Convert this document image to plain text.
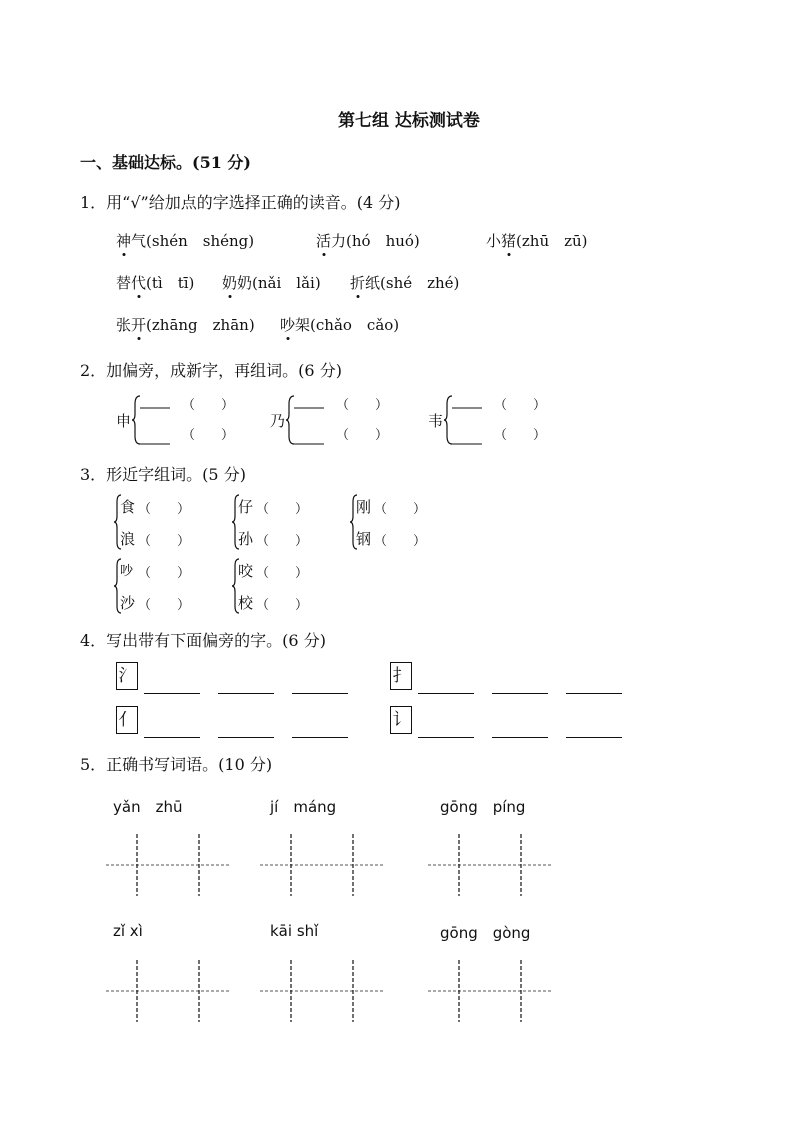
第七组 达标测试卷
一、基础达标。(51 分)
1．用“√”给加点的字选择正确的读音。(4 分)
神气(shén　shéng)	活力(hó　huó)	小猪(zhū　zū)
替代(tì　tī) 奶奶(nǎi　lǎi) 折纸(shé　zhé)
张开(zhāng　zhān) 吵架(chǎo　cǎo)
2．加偏旁，成新字，再组词。(6 分)
申
（　　）
（　　）
乃
（　　）
（　　）
韦
（　　）
（　　）
3．形近字组词。(5 分)
食 （　　）
浪 （　　）
仔 （　　）
孙 （　　）
刚 （　　）
钢 （　　）
吵 （　　）
沙 （　　）
咬 （　　）
校 （　　）
4．写出带有下面偏旁的字。(6 分)
氵	扌
亻	讠
5．正确书写词语。(10 分)
yǎn　zhū	jí　máng	gōng　píng
zǐ xì	kāi shǐ	gōng　gòng
